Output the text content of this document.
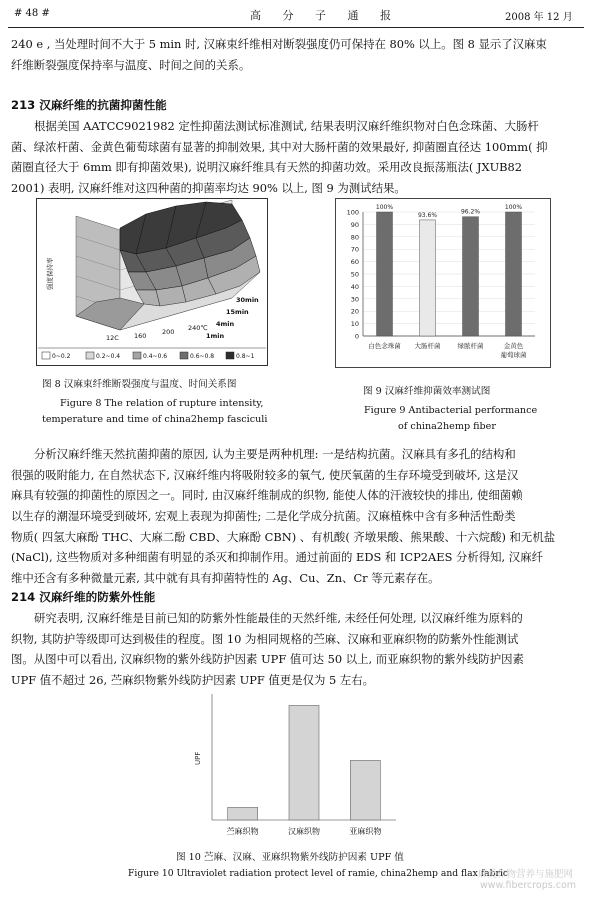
# 48 #	高 分 子 通 报	2008 年 12 月
240 e , 当处理时间不大于 5 min 时, 汉麻束纤维相对断裂强度仍可保持在 80% 以上。图 8 显示了汉麻束
纤维断裂强度保持率与温度、时间之间的关系。
213 汉麻纤维的抗菌抑菌性能
根据美国 AATCC9021982 定性抑菌法测试标准测试, 结果表明汉麻纤维织物对白色念珠菌、大肠杆
菌、绿浓杆菌、金黄色葡萄球菌有显著的抑制效果, 其中对大肠杆菌的效果最好, 抑菌圈直径达 100mm( 抑
菌圈直径大于 6mm 即有抑菌效果), 说明汉麻纤维具有天然的抑菌功效。采用改良振荡瓶法( JXUB82
2001) 表明, 汉麻纤维对这四种菌的抑菌率均达 90% 以上, 图 9 为测试结果。
12C 160 200 240℃
30min
15min
4min
1min
强度保持率
0~0.2	0.2~0.4	0.4~0.6	0.6~0.8	0.8~1
图 8 汉麻束纤维断裂强度与温度、时间关系图
Figure 8 The relation of rupture intensity,
temperature and time of china2hemp fasciculi
0
10
20
30
40
50
60
70
80
90
100
100%
白色念珠菌
93.6%
大肠杆菌
96.2%
绿脓杆菌
100%
金黄色
葡萄球菌
图 9 汉麻纤维抑菌效率测试图
Figure 9 Antibacterial performance
of china2hemp fiber
分析汉麻纤维天然抗菌抑菌的原因, 认为主要是两种机理: 一是结构抗菌。汉麻具有多孔的结构和
很强的吸附能力, 在自然状态下, 汉麻纤维内将吸附较多的氧气, 使厌氧菌的生存环境受到破坏, 这是汉
麻具有较强的抑菌性的原因之一。同时, 由汉麻纤维制成的织物, 能使人体的汗液较快的排出, 使细菌赖
以生存的潮湿环境受到破坏, 宏观上表现为抑菌性; 二是化学成分抗菌。汉麻植株中含有多种活性酚类
物质( 四氢大麻酚 THC、大麻二酚 CBD、大麻酚 CBN) 、有机酸( 齐墩果酸、熊果酸、十六烷酸) 和无机盐
(NaCl), 这些物质对多种细菌有明显的杀灭和抑制作用。通过前面的 EDS 和 ICP2AES 分析得知, 汉麻纤
维中还含有多种微量元素, 其中就有具有抑菌特性的 Ag、Cu、Zn、Cr 等元素存在。
214 汉麻纤维的防紫外性能
研究表明, 汉麻纤维是目前已知的防紫外性能最佳的天然纤维, 未经任何处理, 以汉麻纤维为原料的
织物, 其防护等级即可达到极佳的程度。图 10 为相同规格的苎麻、汉麻和亚麻织物的防紫外性能测试
图。从图中可以看出, 汉麻织物的紫外线防护因素 UPF 值可达 50 以上, 而亚麻织物的紫外线防护因素
UPF 值不超过 26, 苎麻织物紫外线防护因素 UPF 值更是仅为 5 左右。
UPF
苎麻织物	汉麻织物	亚麻织物
图 10 苎麻、汉麻、亚麻织物紫外线防护因素 UPF 值
Figure 10 Ultraviolet radiation protect level of ramie, china2hemp and flax fabric
麻类作物营养与施肥网
www.fibercrops.com
